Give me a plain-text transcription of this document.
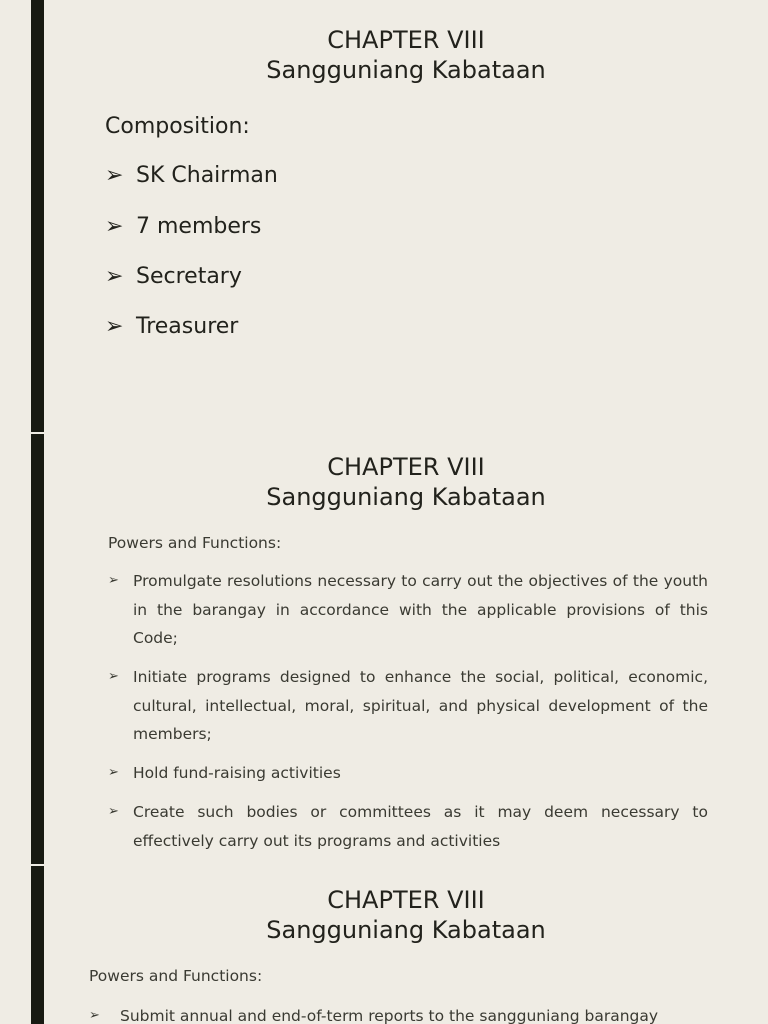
CHAPTER VIII
Sangguniang Kabataan
Composition:
➢ SK Chairman
➢ 7 members
➢ Secretary
➢ Treasurer
CHAPTER VIII
Sangguniang Kabataan
Powers and Functions:
➢ Promulgate resolutions necessary to carry out the objectives of the youth in the barangay in accordance with the applicable provisions of this Code;
➢ Initiate programs designed to enhance the social, political, economic, cultural, intellectual, moral, spiritual, and physical development of the members;
➢ Hold fund-raising activities
➢ Create such bodies or committees as it may deem necessary to effectively carry out its programs and activities
CHAPTER VIII
Sangguniang Kabataan
Powers and Functions:
➢	Submit annual and end-of-term reports to the sangguniang barangay
